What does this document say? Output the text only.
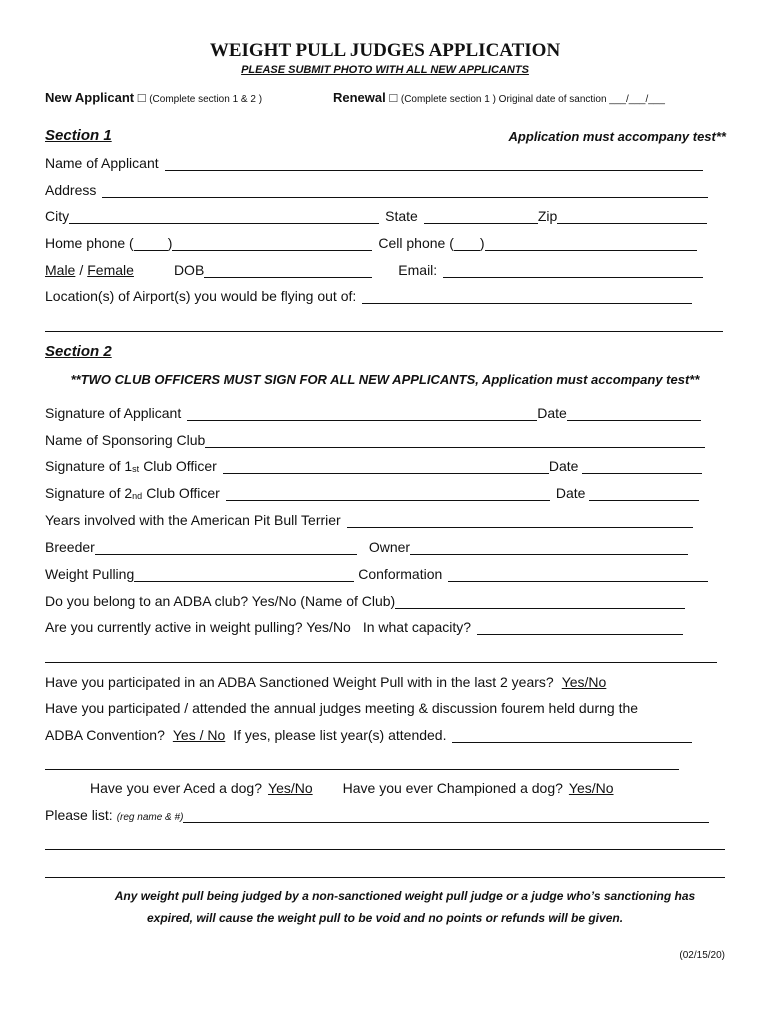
WEIGHT PULL JUDGES APPLICATION
PLEASE SUBMIT PHOTO WITH ALL NEW APPLICANTS
New Applicant □ (Complete section 1 & 2 )	Renewal □ (Complete section 1 ) Original date of sanction ___/___/___
Section 1	Application must accompany test**
Name of Applicant
Address
City	State	Zip
Home phone ( )	Cell phone ( )
Male / Female	DOB	Email:
Location(s) of Airport(s) you would be flying out of:
Section 2
**TWO CLUB OFFICERS MUST SIGN FOR ALL NEW APPLICANTS, Application must accompany test**
Signature of Applicant	Date
Name of Sponsoring Club
Signature of $1_{st}$ Club Officer	Date
Signature of $2_{nd}$ Club Officer	Date
Years involved with the American Pit Bull Terrier
Breeder	Owner
Weight Pulling	Conformation
Do you belong to an ADBA club? Yes/No (Name of Club)
Are you currently active in weight pulling? Yes/No In what capacity?
Have you participated in an ADBA Sanctioned Weight Pull with in the last 2 years? Yes/No
Have you participated / attended the annual judges meeting & discussion fourem held durng the
ADBA Convention? Yes / No If yes, please list year(s) attended.
Have you ever Aced a dog? Yes/No Have you ever Championed a dog? Yes/No
Please list: (reg name & #)
Any weight pull being judged by a non-sanctioned weight pull judge or a judge who’s sanctioning has
expired, will cause the weight pull to be void and no points or refunds will be given.
(02/15/20)
